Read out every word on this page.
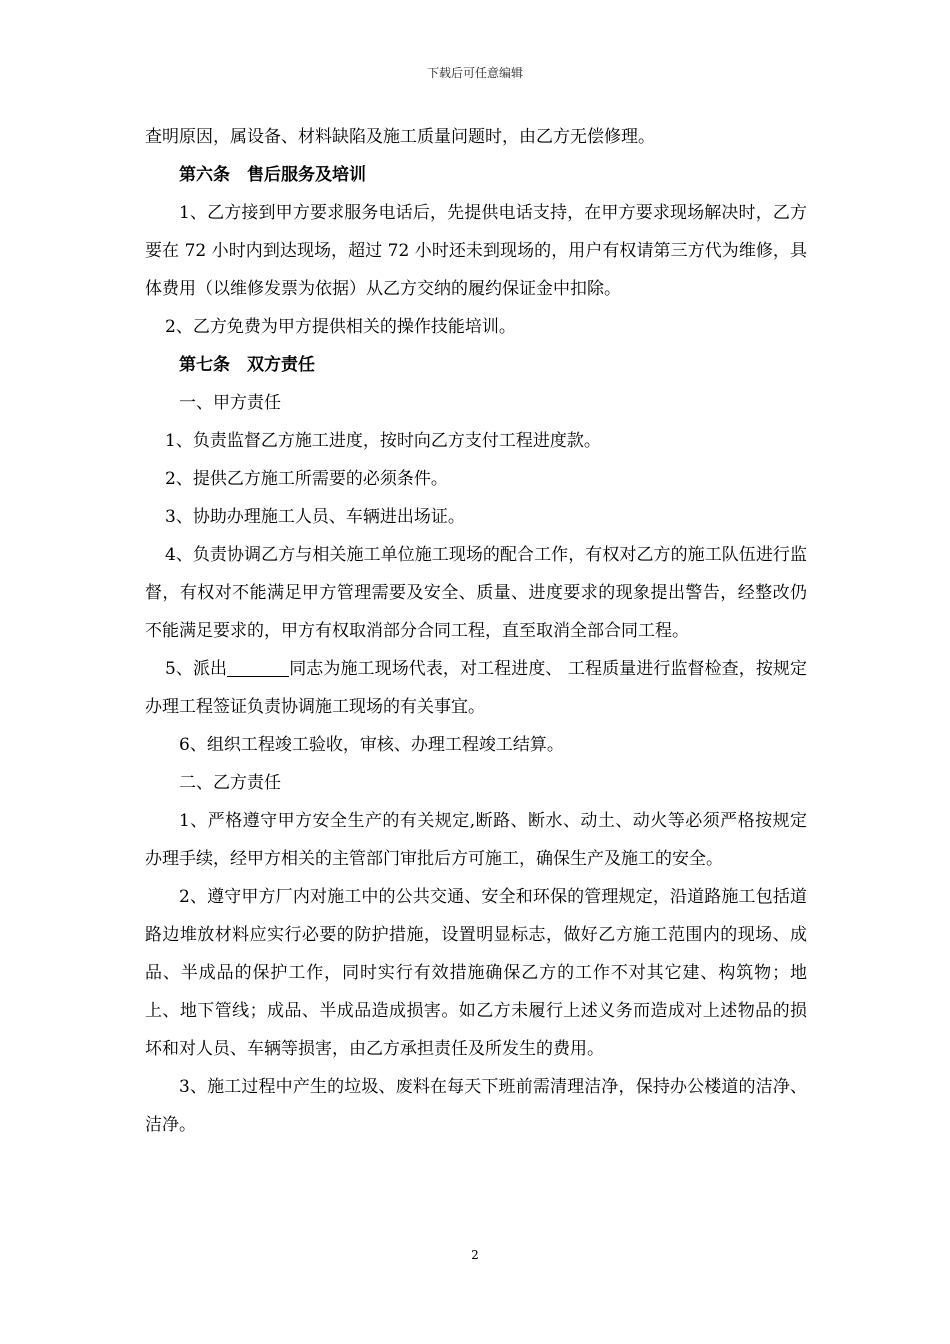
下载后可任意编辑

查明原因，属设备、材料缺陷及施工质量问题时，由乙方无偿修理。

第六条　售后服务及培训

1、乙方接到甲方要求服务电话后，先提供电话支持，在甲方要求现场解决时，乙方要在 72 小时内到达现场，超过 72 小时还未到现场的，用户有权请第三方代为维修，具体费用（以维修发票为依据）从乙方交纳的履约保证金中扣除。

2、乙方免费为甲方提供相关的操作技能培训。

第七条　双方责任

一、甲方责任

1、负责监督乙方施工进度，按时向乙方支付工程进度款。

2、提供乙方施工所需要的必须条件。

3、协助办理施工人员、车辆进出场证。

4、负责协调乙方与相关施工单位施工现场的配合工作，有权对乙方的施工队伍进行监督，有权对不能满足甲方管理需要及安全、质量、进度要求的现象提出警告，经整改仍不能满足要求的，甲方有权取消部分合同工程，直至取消全部合同工程。

5、派出	同志为施工现场代表，对工程进度、 工程质量进行监督检查，按规定办理工程签证负责协调施工现场的有关事宜。

6、组织工程竣工验收，审核、办理工程竣工结算。

二、乙方责任

1、严格遵守甲方安全生产的有关规定,断路、断水、动土、动火等必须严格按规定办理手续，经甲方相关的主管部门审批后方可施工，确保生产及施工的安全。

2、遵守甲方厂内对施工中的公共交通、安全和环保的管理规定，沿道路施工包括道路边堆放材料应实行必要的防护措施，设置明显标志，做好乙方施工范围内的现场、成品、半成品的保护工作，同时实行有效措施确保乙方的工作不对其它建、构筑物；地上、地下管线；成品、半成品造成损害。如乙方未履行上述义务而造成对上述物品的损坏和对人员、车辆等损害，由乙方承担责任及所发生的费用。

3、施工过程中产生的垃圾、废料在每天下班前需清理洁净，保持办公楼道的洁净、洁净。

2
